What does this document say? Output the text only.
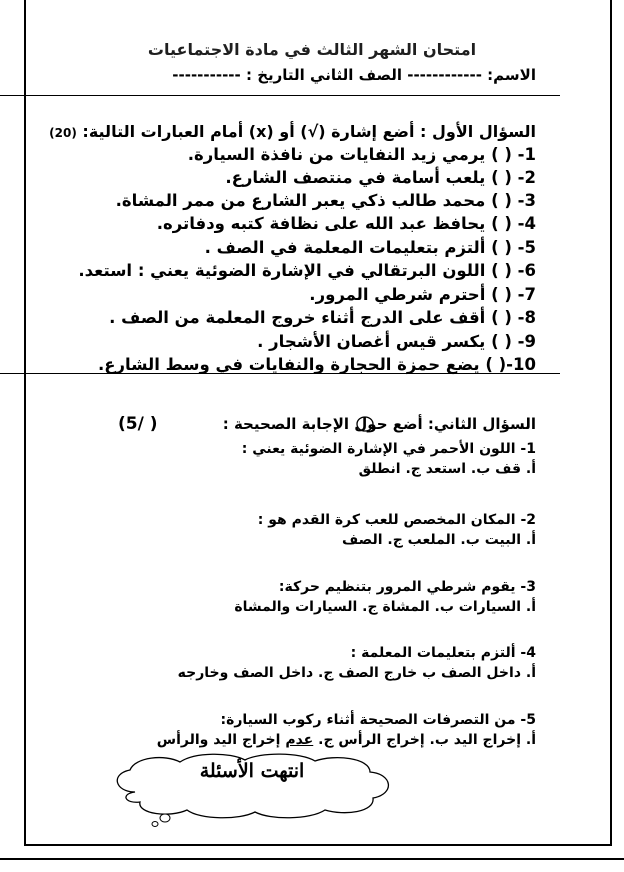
امتحان الشهر الثالث في مادة الاجتماعيات
الاسم: ------------ الصف الثاني التاريخ : -----------
السؤال الأول : أضع إشارة (√) أو (x) أمام العبارات التالية: (20)
1- ( ) يرمي زيد النفايات من نافذة السيارة.
2- ( ) يلعب أسامة في منتصف الشارع.
3- ( ) محمد طالب ذكي يعبر الشارع من ممر المشاة.
4- ( ) يحافظ عبد الله على نظافة كتبه ودفاتره.
5- ( ) ألتزم بتعليمات المعلمة في الصف .
6- ( ) اللون البرتقالي في الإشارة الضوئية يعني : استعد.
7- ( ) أحترم شرطي المرور.
8- ( ) أقف على الدرج أثناء خروج المعلمة من الصف .
9- ( ) يكسر قيس أغصان الأشجار .
10-( ) يضع حمزة الحجارة والنفايات في وسط الشارع.
السؤال الثاني: أضع حول الإجابة الصحيحة :
( /5)
1- اللون الأحمر في الإشارة الضوئية يعني :
أ. قف ب. استعد ج. انطلق
2- المكان المخصص للعب كرة القدم هو :
أ. البيت ب. الملعب ج. الصف
3- يقوم شرطي المرور بتنظيم حركة:
أ. السيارات ب. المشاة ج. السيارات والمشاة
4- ألتزم بتعليمات المعلمة :
أ. داخل الصف ب خارج الصف ج. داخل الصف وخارجه
5- من التصرفات الصحيحة أثناء ركوب السيارة:
أ. إخراج اليد ب. إخراج الرأس ج. عدم إخراج اليد والرأس
انتهت الأسئلة
